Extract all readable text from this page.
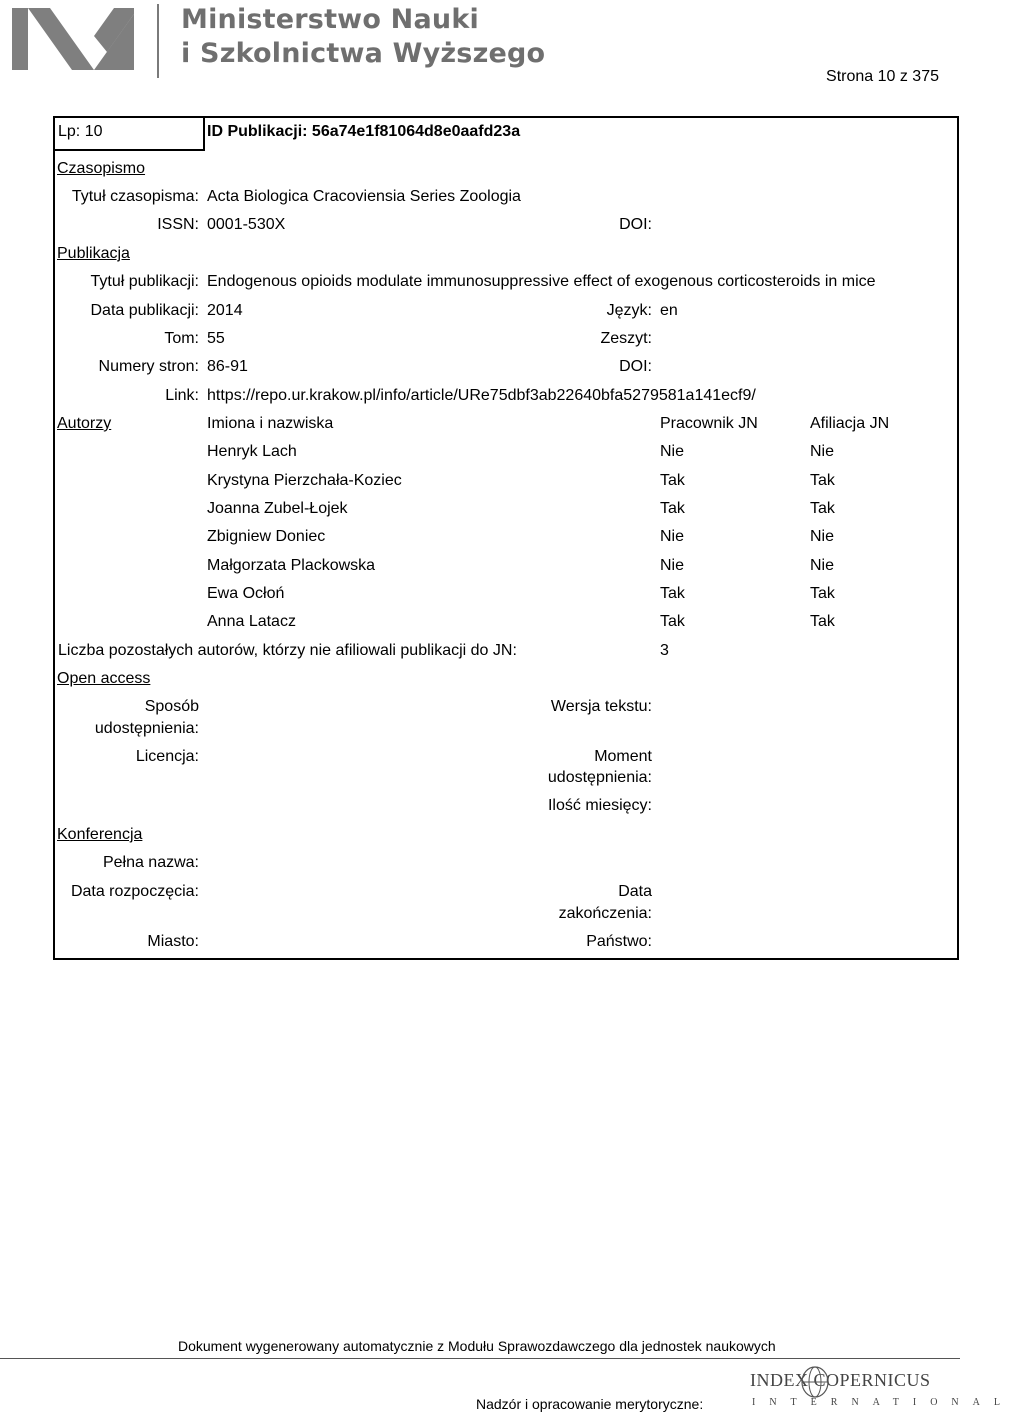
Ministerstwo Nauki
i Szkolnictwa Wyższego
Strona 10 z 375
Lp: 10	ID Publikacji: 56a74e1f81064d8e0aafd23a
Czasopismo
Tytuł czasopisma: Acta Biologica Cracoviensia Series Zoologia
ISSN: 0001-530X	DOI:
Publikacja
Tytuł publikacji: Endogenous opioids modulate immunosuppressive effect of exogenous corticosteroids in mice
Data publikacji: 2014	Język: en
Tom: 55	Zeszyt:
Numery stron: 86-91	DOI:
Link: https://repo.ur.krakow.pl/info/article/URe75dbf3ab22640bfa5279581a141ecf9/
Autorzy	Imiona i nazwiska	Pracownik JN	Afiliacja JN
Henryk Lach	Nie	Nie
Krystyna Pierzchała-Koziec	Tak	Tak
Joanna Zubel-Łojek	Tak	Tak
Zbigniew Doniec	Nie	Nie
Małgorzata Plackowska	Nie	Nie
Ewa Ocłoń	Tak	Tak
Anna Latacz	Tak	Tak
Liczba pozostałych autorów, którzy nie afiliowali publikacji do JN:	3
Open access
Sposób
udostępnienia:
Wersja tekstu:
Licencja:	Moment
udostępnienia:
Ilość miesięcy:
Konferencja
Pełna nazwa:
Data rozpoczęcia:	Data
zakończenia:
Miasto:	Państwo:
Dokument wygenerowany automatycznie z Modułu Sprawozdawczego dla jednostek naukowych
Nadzór i opracowanie merytoryczne:
INDEX COPERNICUS
INTERNATIONAL
